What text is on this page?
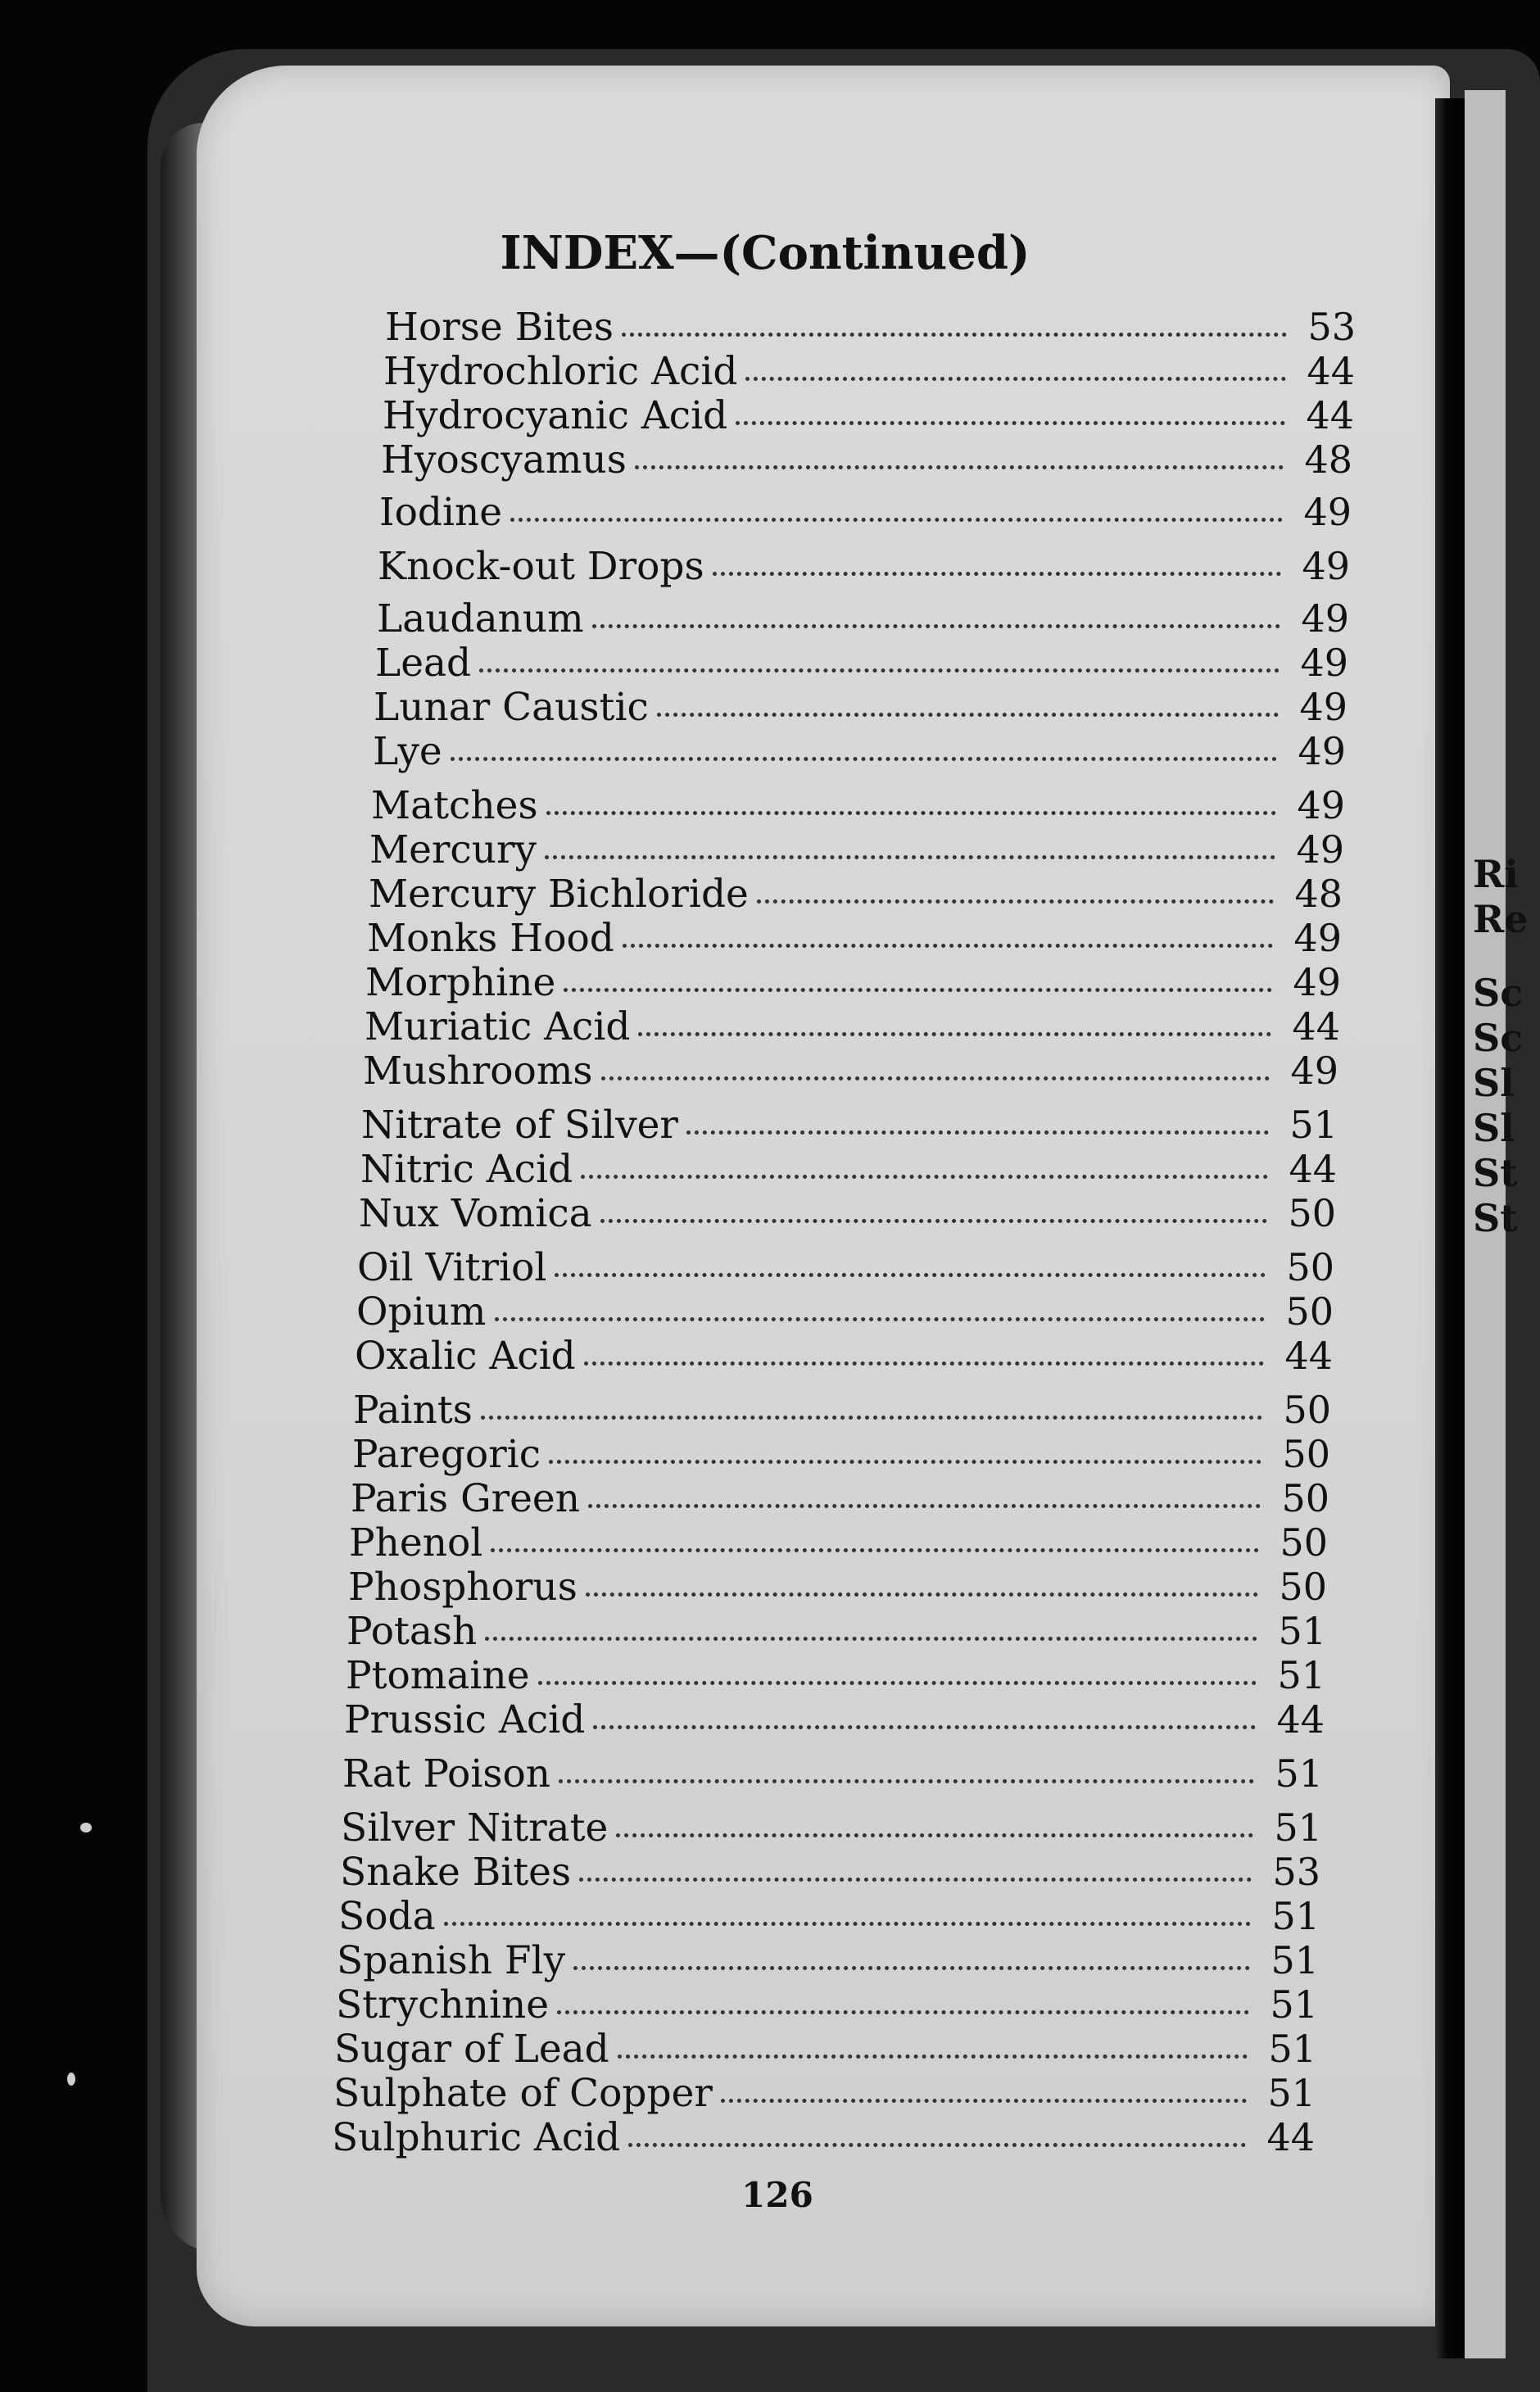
Ri
Re
Sc
Sc
Sl
Sl
St
St
INDEX—(Continued)
Horse Bites	53
Hydrochloric Acid	44
Hydrocyanic Acid	44
Hyoscyamus	48
Iodine	49
Knock-out Drops	49
Laudanum	49
Lead	49
Lunar Caustic	49
Lye	49
Matches	49
Mercury	49
Mercury Bichloride	48
Monks Hood	49
Morphine	49
Muriatic Acid	44
Mushrooms	49
Nitrate of Silver	51
Nitric Acid	44
Nux Vomica	50
Oil Vitriol	50
Opium	50
Oxalic Acid	44
Paints	50
Paregoric	50
Paris Green	50
Phenol	50
Phosphorus	50
Potash	51
Ptomaine	51
Prussic Acid	44
Rat Poison	51
Silver Nitrate	51
Snake Bites	53
Soda	51
Spanish Fly	51
Strychnine	51
Sugar of Lead	51
Sulphate of Copper	51
Sulphuric Acid	44
126
